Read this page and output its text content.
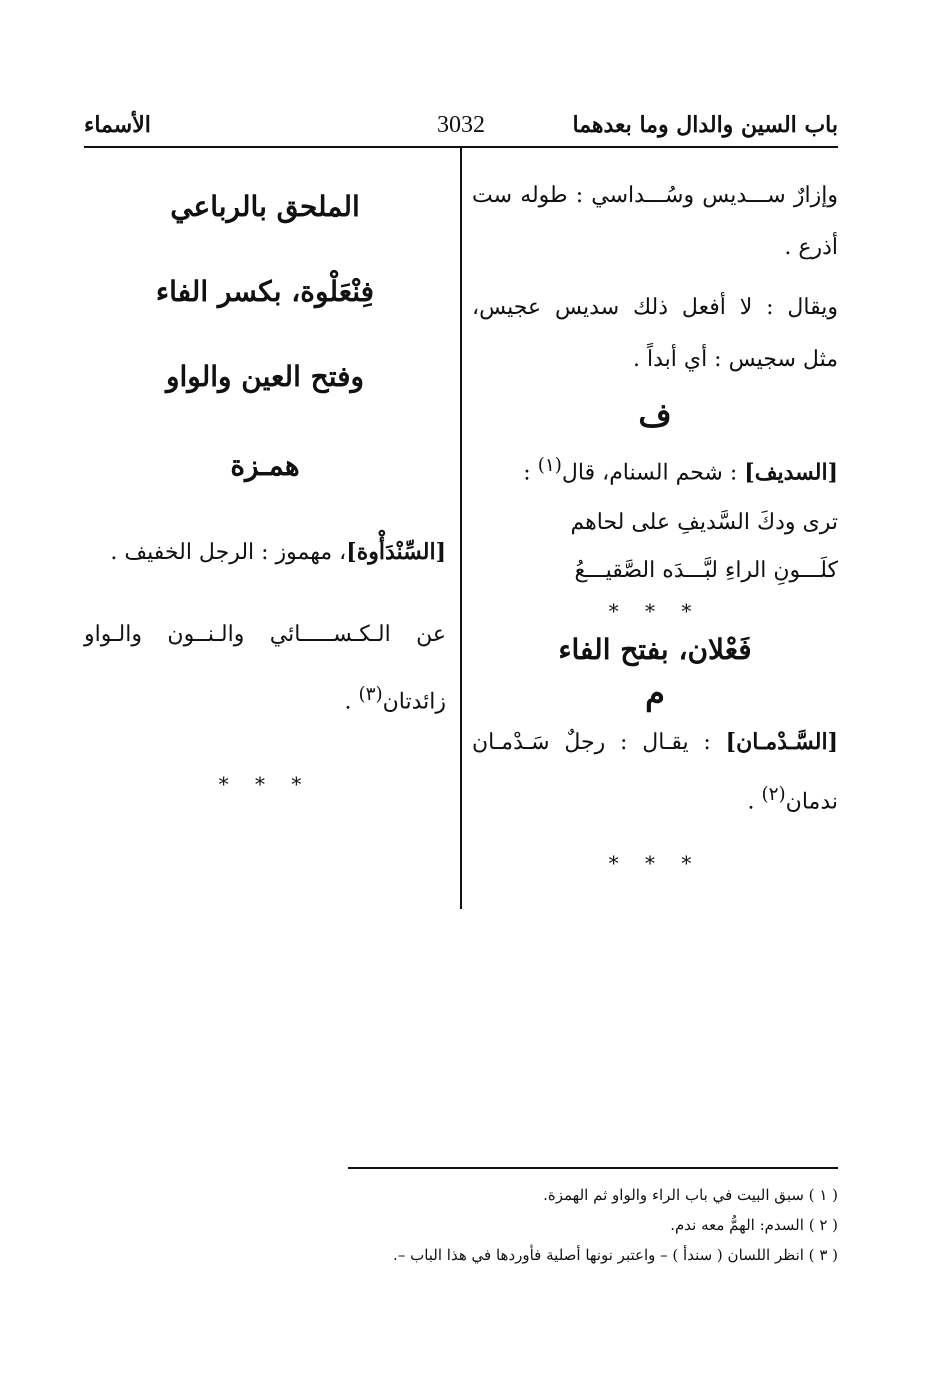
باب السين والدال وما بعدهما
3032
الأسماء

وإزارٌ ســـديس وسُـــداسي : طوله ست أذرع .

ويقال : لا أفعل ذلك سديس عجيس، مثل سجيس : أي أبداً .

ف

[السديف] : شحم السنام، قال$^{(١)}$ :

ترى ودكَ السَّديفِ على لحاهم

كلَـــونِ الراءِ لبَّـــدَه الصَّقيـــعُ

* * *

فَعْلان، بفتح الفاء

م

[السَّـدْمـان] : يقـال : رجلٌ سَـدْمـان ندمان$^{(٢)}$ .

* * *

الملحق بالرباعي

فِنْعَلْوة، بكسر الفاء

وفتح العين والواو

همـزة

[السِّنْدَأْوة]، مهموز : الرجل الخفيف .

عن الـكـســـــائي والـنــون والـواو زائدتان$^{(٣)}$ .

* * *

( ١ ) سبق البيت في باب الراء والواو ثم الهمزة.
( ٢ ) السدم: الهمُّ معه ندم.
( ٣ ) انظر اللسان ( سندأ ) – واعتبر نونها أصلية فأوردها في هذا الباب –.
